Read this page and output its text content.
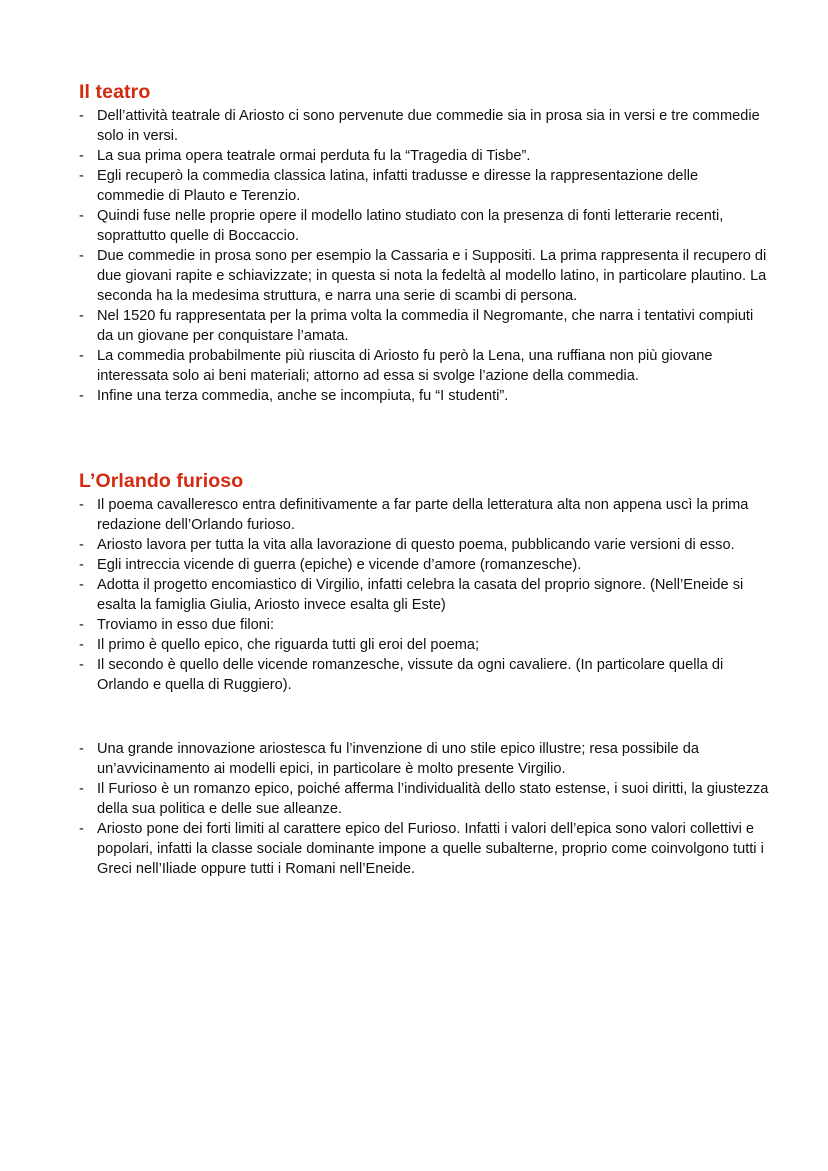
Il teatro
- Dell’attività teatrale di Ariosto ci sono pervenute due commedie sia in prosa sia in versi e tre commedie solo in versi.
- La sua prima opera teatrale ormai perduta fu la “Tragedia di Tisbe”.
- Egli recuperò la commedia classica latina, infatti tradusse e diresse la rappresentazione delle commedie di Plauto e Terenzio.
- Quindi fuse nelle proprie opere il modello latino studiato con la presenza di fonti letterarie recenti, soprattutto quelle di Boccaccio.
- Due commedie in prosa sono per esempio la Cassaria e i Suppositi. La prima rappresenta il recupero di due giovani rapite e schiavizzate; in questa si nota la fedeltà al modello latino, in particolare plautino. La seconda ha la medesima struttura, e narra una serie di scambi di persona.
- Nel 1520 fu rappresentata per la prima volta la commedia il Negromante, che narra i tentativi compiuti da un giovane per conquistare l’amata.
- La commedia probabilmente più riuscita di Ariosto fu però la Lena, una ruffiana non più giovane interessata solo ai beni materiali; attorno ad essa si svolge l’azione della commedia.
- Infine una terza commedia, anche se incompiuta, fu “I studenti”.
L’Orlando furioso
- Il poema cavalleresco entra definitivamente a far parte della letteratura alta non appena uscì la prima redazione dell’Orlando furioso.
- Ariosto lavora per tutta la vita alla lavorazione di questo poema, pubblicando varie versioni di esso.
- Egli intreccia vicende di guerra (epiche) e vicende d’amore (romanzesche).
- Adotta il progetto encomiastico di Virgilio, infatti celebra la casata del proprio signore. (Nell’Eneide si esalta la famiglia Giulia, Ariosto invece esalta gli Este)
- Troviamo in esso due filoni:
- Il primo è quello epico, che riguarda tutti gli eroi del poema;
- Il secondo è quello delle vicende romanzesche, vissute da ogni cavaliere. (In particolare quella di Orlando e quella di Ruggiero).
- Una grande innovazione ariostesca fu l’invenzione di uno stile epico illustre; resa possibile da un’avvicinamento ai modelli epici, in particolare è molto presente Virgilio.
- Il Furioso è un romanzo epico, poiché afferma l’individualità dello stato estense, i suoi diritti, la giustezza della sua politica e delle sue alleanze.
- Ariosto pone dei forti limiti al carattere epico del Furioso. Infatti i valori dell’epica sono valori collettivi e popolari, infatti la classe sociale dominante impone a quelle subalterne, proprio come coinvolgono tutti i Greci nell’Iliade oppure tutti i Romani nell’Eneide.
